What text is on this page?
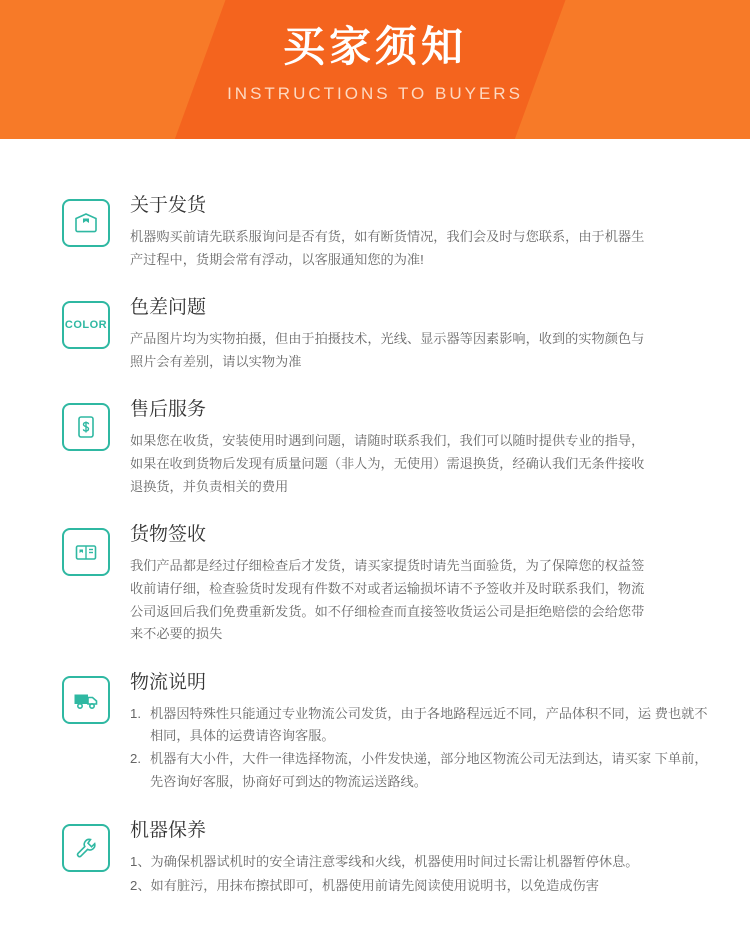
买家须知
INSTRUCTIONS TO BUYERS
关于发货
机器购买前请先联系服询问是否有货，如有断货情况，我们会及时与您联系，由于机器生
产过程中，货期会常有浮动，以客服通知您的为准!
COLOR
色差问题
产品图片均为实物拍摄，但由于拍摄技术，光线、显示器等因素影响，收到的实物颜色与
照片会有差别，请以实物为准
售后服务
如果您在收货，安装使用时遇到问题，请随时联系我们，我们可以随时提供专业的指导，
如果在收到货物后发现有质量问题（非人为，无使用）需退换货，经确认我们无条件接收
退换货，并负责相关的费用
货物签收
我们产品都是经过仔细检查后才发货，请买家提货时请先当面验货，为了保障您的权益签
收前请仔细，检查验货时发现有件数不对或者运输损坏请不予签收并及时联系我们，物流
公司返回后我们免费重新发货。如不仔细检查而直接签收货运公司是拒绝赔偿的会给您带
来不必要的损失
物流说明
1. 机器因特殊性只能通过专业物流公司发货，由于各地路程远近不同，产品体积不同，运 费也就不相同，具体的运费请咨询客服。
2. 机器有大小件，大件一律选择物流，小件发快递，部分地区物流公司无法到达，请买家 下单前，先咨询好客服，协商好可到达的物流运送路线。
机器保养
1、为确保机器试机时的安全请注意零线和火线，机器使用时间过长需让机器暂停休息。
2、如有脏污，用抹布擦拭即可，机器使用前请先阅读使用说明书，以免造成伤害
